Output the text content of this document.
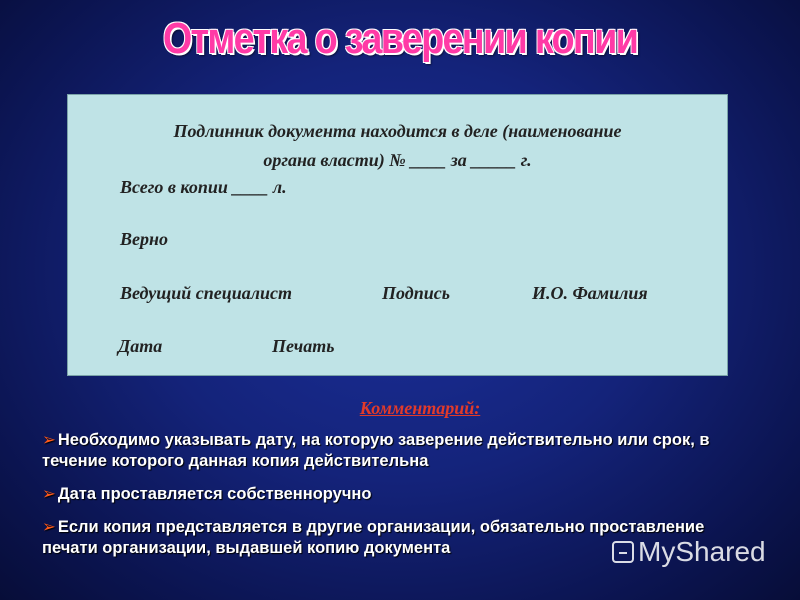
Отметка о заверении копии
Подлинник документа находится в деле (наименование
органа власти) № ____ за _____ г.
Всего в копии ____ л.
Верно
Ведущий специалист	Подпись	И.О. Фамилия
Дата	Печать
Комментарий:
➢ Необходимо указывать дату, на которую заверение действительно или срок, в течение которого данная копия действительна
➢ Дата проставляется собственноручно
➢ Если копия представляется в другие организации, обязательно проставление печати организации, выдавшей копию документа	MyShared
